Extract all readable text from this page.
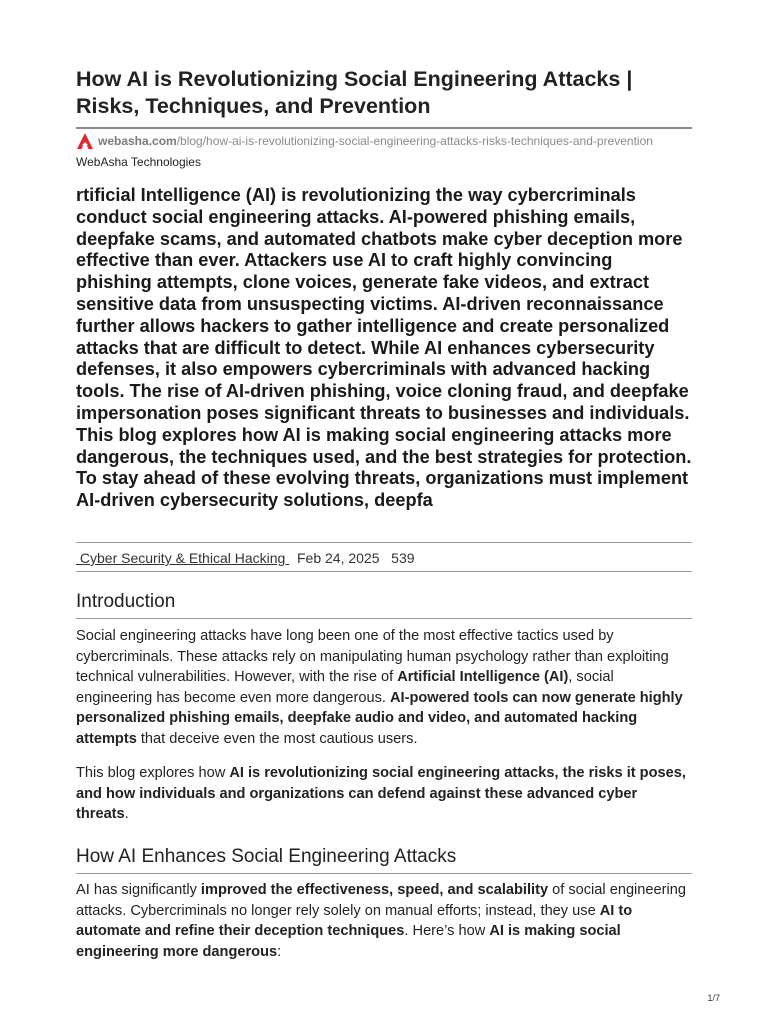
How AI is Revolutionizing Social Engineering Attacks | Risks, Techniques, and Prevention
webasha.com/blog/how-ai-is-revolutionizing-social-engineering-attacks-risks-techniques-and-prevention
WebAsha Technologies

rtificial Intelligence (AI) is revolutionizing the way cybercriminals conduct social engineering attacks. AI-powered phishing emails, deepfake scams, and automated chatbots make cyber deception more effective than ever. Attackers use AI to craft highly convincing phishing attempts, clone voices, generate fake videos, and extract sensitive data from unsuspecting victims. AI-driven reconnaissance further allows hackers to gather intelligence and create personalized attacks that are difficult to detect. While AI enhances cybersecurity defenses, it also empowers cybercriminals with advanced hacking tools. The rise of AI-driven phishing, voice cloning fraud, and deepfake impersonation poses significant threats to businesses and individuals. This blog explores how AI is making social engineering attacks more dangerous, the techniques used, and the best strategies for protection. To stay ahead of these evolving threats, organizations must implement AI-driven cybersecurity solutions, deepfa

Cyber Security & Ethical Hacking   Feb 24, 2025 539
Introduction

Social engineering attacks have long been one of the most effective tactics used by cybercriminals. These attacks rely on manipulating human psychology rather than exploiting technical vulnerabilities. However, with the rise of Artificial Intelligence (AI), social engineering has become even more dangerous. AI-powered tools can now generate highly personalized phishing emails, deepfake audio and video, and automated hacking attempts that deceive even the most cautious users.

This blog explores how AI is revolutionizing social engineering attacks, the risks it poses, and how individuals and organizations can defend against these advanced cyber threats.

How AI Enhances Social Engineering Attacks

AI has significantly improved the effectiveness, speed, and scalability of social engineering attacks. Cybercriminals no longer rely solely on manual efforts; instead, they use AI to automate and refine their deception techniques. Here’s how AI is making social engineering more dangerous:

1/7
